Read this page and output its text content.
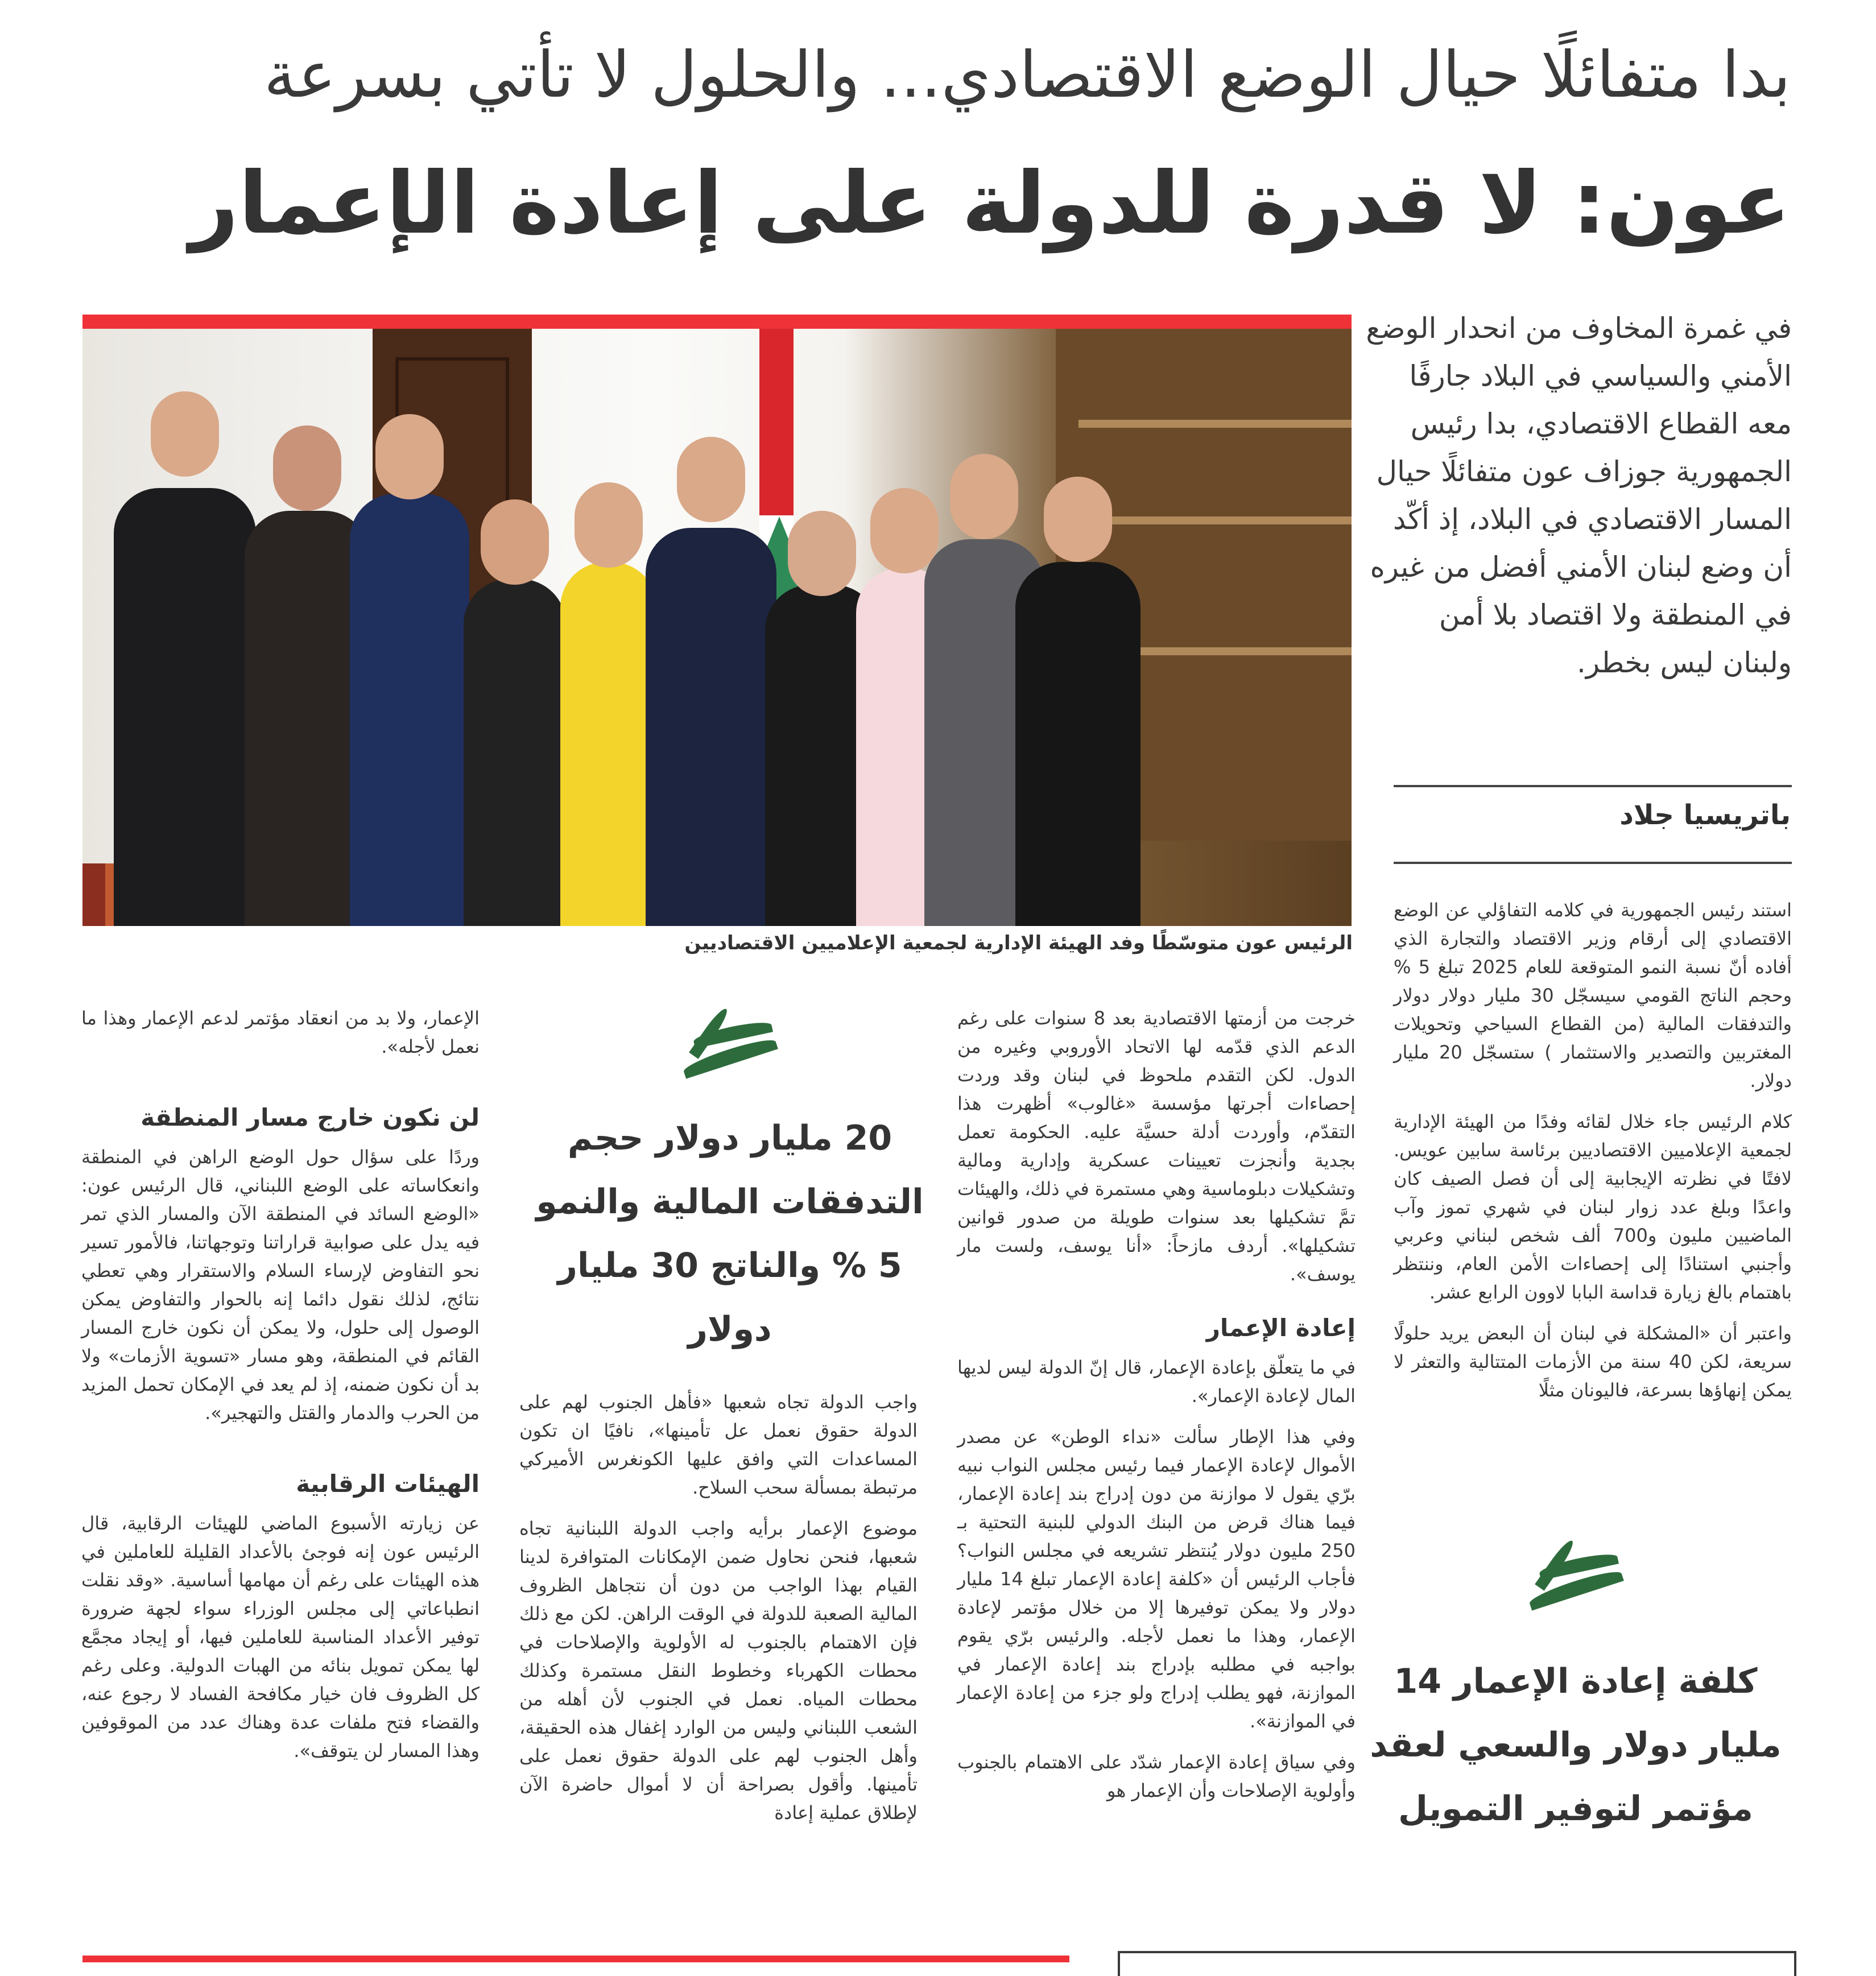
بدا متفائلًا حيال الوضع الاقتصادي... والحلول لا تأتي بسرعة
عون: لا قدرة للدولة على إعادة الإعمار
الرئيس عون متوسّطًا وفد الهيئة الإدارية لجمعية الإعلاميين الاقتصاديين
في غمرة المخاوف من انحدار الوضع الأمني والسياسي في البلاد جارفًا معه القطاع الاقتصادي، بدا رئيس الجمهورية جوزاف عون متفائلًا حيال المسار الاقتصادي في البلاد، إذ أكّد أن وضع لبنان الأمني أفضل من غيره في المنطقة ولا اقتصاد بلا أمن ولبنان ليس بخطر.
باتريسيا جلاد

استند رئيس الجمهورية في كلامه التفاؤلي عن الوضع الاقتصادي إلى أرقام وزير الاقتصاد والتجارة الذي أفاده أنّ نسبة النمو المتوقعة للعام 2025 تبلغ 5 % وحجم الناتج القومي سيسجّل 30 مليار دولار دولار والتدفقات المالية (من القطاع السياحي وتحويلات المغتربين والتصدير والاستثمار ) ستسجّل 20 مليار دولار.

كلام الرئيس جاء خلال لقائه وفدًا من الهيئة الإدارية لجمعية الإعلاميين الاقتصاديين برئاسة سابين عويس. لافتًا في نظرته الإيجابية إلى أن فصل الصيف كان واعدًا وبلغ عدد زوار لبنان في شهري تموز وآب الماضيين مليون و700 ألف شخص لبناني وعربي وأجنبي استنادًا إلى إحصاءات الأمن العام، وننتظر باهتمام بالغ زيارة قداسة البابا لاوون الرابع عشر.

واعتبر أن «المشكلة في لبنان أن البعض يريد حلولًا سريعة، لكن 40 سنة من الأزمات المتتالية والتعثر لا يمكن إنهاؤها بسرعة، فاليونان مثلًا

كلفة إعادة الإعمار 14 مليار دولار والسعي لعقد مؤتمر لتوفير التمويل

خرجت من أزمتها الاقتصادية بعد 8 سنوات على رغم الدعم الذي قدّمه لها الاتحاد الأوروبي وغيره من الدول. لكن التقدم ملحوظ في لبنان وقد وردت إحصاءات أجرتها مؤسسة «غالوب» أظهرت هذا التقدّم، وأوردت أدلة حسيَّة عليه. الحكومة تعمل بجدية وأنجزت تعيينات عسكرية وإدارية ومالية وتشكيلات دبلوماسية وهي مستمرة في ذلك، والهيئات تمَّ تشكيلها بعد سنوات طويلة من صدور قوانين تشكيلها». أردف مازحاً: «أنا يوسف، ولست مار يوسف».

إعادة الإعمار

في ما يتعلّق بإعادة الإعمار، قال إنّ الدولة ليس لديها المال لإعادة الإعمار».

وفي هذا الإطار سألت «نداء الوطن» عن مصدر الأموال لإعادة الإعمار فيما رئيس مجلس النواب نبيه برّي يقول لا موازنة من دون إدراج بند إعادة الإعمار، فيما هناك قرض من البنك الدولي للبنية التحتية بـ 250 مليون دولار يُنتظر تشريعه في مجلس النواب؟ فأجاب الرئيس أن «كلفة إعادة الإعمار تبلغ 14 مليار دولار ولا يمكن توفيرها إلا من خلال مؤتمر لإعادة الإعمار، وهذا ما نعمل لأجله. والرئيس برّي يقوم بواجبه في مطلبه بإدراج بند إعادة الإعمار في الموازنة، فهو يطلب إدراج ولو جزء من إعادة الإعمار في الموازنة».

وفي سياق إعادة الإعمار شدّد على الاهتمام بالجنوب وأولوية الإصلاحات وأن الإعمار هو

20 مليار دولار حجم التدفقات المالية والنمو 5 % والناتج 30 مليار دولار

واجب الدولة تجاه شعبها «فأهل الجنوب لهم على الدولة حقوق نعمل عل تأمينها»، نافيًا ان تكون المساعدات التي وافق عليها الكونغرس الأميركي مرتبطة بمسألة سحب السلاح.

موضوع الإعمار برأيه واجب الدولة اللبنانية تجاه شعبها، فنحن نحاول ضمن الإمكانات المتوافرة لدينا القيام بهذا الواجب من دون أن نتجاهل الظروف المالية الصعبة للدولة في الوقت الراهن. لكن مع ذلك فإن الاهتمام بالجنوب له الأولوية والإصلاحات في محطات الكهرباء وخطوط النقل مستمرة وكذلك محطات المياه. نعمل في الجنوب لأن أهله من الشعب اللبناني وليس من الوارد إغفال هذه الحقيقة، وأهل الجنوب لهم على الدولة حقوق نعمل على تأمينها. وأقول بصراحة أن لا أموال حاضرة الآن لإطلاق عملية إعادة

الإعمار، ولا بد من انعقاد مؤتمر لدعم الإعمار وهذا ما نعمل لأجله».

لن نكون خارج مسار المنطقة

وردًا على سؤال حول الوضع الراهن في المنطقة وانعكاساته على الوضع اللبناني، قال الرئيس عون: «الوضع السائد في المنطقة الآن والمسار الذي تمر فيه يدل على صوابية قراراتنا وتوجهاتنا، فالأمور تسير نحو التفاوض لإرساء السلام والاستقرار وهي تعطي نتائج، لذلك نقول دائما إنه بالحوار والتفاوض يمكن الوصول إلى حلول، ولا يمكن أن نكون خارج المسار القائم في المنطقة، وهو مسار «تسوية الأزمات» ولا بد أن نكون ضمنه، إذ لم يعد في الإمكان تحمل المزيد من الحرب والدمار والقتل والتهجير».

الهيئات الرقابية

عن زيارته الأسبوع الماضي للهيئات الرقابية، قال الرئيس عون إنه فوجئ بالأعداد القليلة للعاملين في هذه الهيئات على رغم أن مهامها أساسية. «وقد نقلت انطباعاتي إلى مجلس الوزراء سواء لجهة ضرورة توفير الأعداد المناسبة للعاملين فيها، أو إيجاد مجمَّع لها يمكن تمويل بنائه من الهبات الدولية. وعلى رغم كل الظروف فان خيار مكافحة الفساد لا رجوع عنه، والقضاء فتح ملفات عدة وهناك عدد من الموقوفين وهذا المسار لن يتوقف».
